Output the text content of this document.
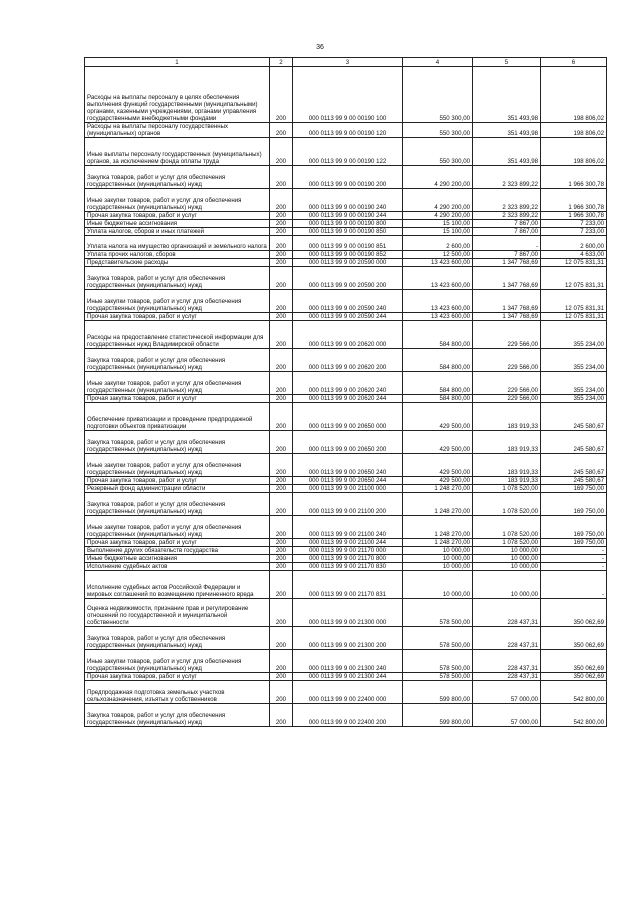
36
1	2	3	4	5	6
Расходы на выплаты персоналу в целях обеспечения выполнения функций государственными (муниципальными) органами, казенными учреждениями, органами управления государственными внебюджетными фондами	200	000 0113 99 9 00 00190 100	550 300,00	351 493,98	198 806,02
Расходы на выплаты персоналу государственных (муниципальных) органов	200	000 0113 99 9 00 00190 120	550 300,00	351 493,98	198 806,02
Иные выплаты персоналу государственных (муниципальных) органов, за исключением фонда оплаты труда	200	000 0113 99 9 00 00190 122	550 300,00	351 493,98	198 806,02
Закупка товаров, работ и услуг для обеспечения государственных (муниципальных) нужд	200	000 0113 99 9 00 00190 200	4 290 200,00	2 323 899,22	1 966 300,78
Иные закупки товаров, работ и услуг для обеспечения государственных (муниципальных) нужд	200	000 0113 99 9 00 00190 240	4 290 200,00	2 323 899,22	1 966 300,78
Прочая закупка товаров, работ и услуг	200	000 0113 99 9 00 00190 244	4 290 200,00	2 323 899,22	1 966 300,78
Иные бюджетные ассигнования	200	000 0113 99 9 00 00190 800	15 100,00	7 867,00	7 233,00
Уплата налогов, сборов и иных платежей	200	000 0113 99 9 00 00190 850	15 100,00	7 867,00	7 233,00
Уплата налога на имущество организаций и земельного налога	200	000 0113 99 9 00 00190 851	2 600,00	-	2 600,00
Уплата прочих налогов, сборов	200	000 0113 99 9 00 00190 852	12 500,00	7 867,00	4 633,00
Представительские расходы	200	000 0113 99 9 00 20590 000	13 423 600,00	1 347 768,69	12 075 831,31
Закупка товаров, работ и услуг для обеспечения государственных (муниципальных) нужд	200	000 0113 99 9 00 20590 200	13 423 600,00	1 347 768,69	12 075 831,31
Иные закупки товаров, работ и услуг для обеспечения государственных (муниципальных) нужд	200	000 0113 99 9 00 20590 240	13 423 600,00	1 347 768,69	12 075 831,31
Прочая закупка товаров, работ и услуг	200	000 0113 99 9 00 20590 244	13 423 600,00	1 347 768,69	12 075 831,31
Расходы на предоставление статистической информации для государственных нужд Владимирской области	200	000 0113 99 9 00 20620 000	584 800,00	229 566,00	355 234,00
Закупка товаров, работ и услуг для обеспечения государственных (муниципальных) нужд	200	000 0113 99 9 00 20620 200	584 800,00	229 566,00	355 234,00
Иные закупки товаров, работ и услуг для обеспечения государственных (муниципальных) нужд	200	000 0113 99 9 00 20620 240	584 800,00	229 566,00	355 234,00
Прочая закупка товаров, работ и услуг	200	000 0113 99 9 00 20620 244	584 800,00	229 566,00	355 234,00
Обеспечение приватизации и проведение предпродажной подготовки объектов приватизации	200	000 0113 99 9 00 20650 000	429 500,00	183 919,33	245 580,67
Закупка товаров, работ и услуг для обеспечения государственных (муниципальных) нужд	200	000 0113 99 9 00 20650 200	429 500,00	183 919,33	245 580,67
Иные закупки товаров, работ и услуг для обеспечения государственных (муниципальных) нужд	200	000 0113 99 9 00 20650 240	429 500,00	183 919,33	245 580,67
Прочая закупка товаров, работ и услуг	200	000 0113 99 9 00 20650 244	429 500,00	183 919,33	245 580,67
Резервный фонд администрации области	200	000 0113 99 9 00 21100 000	1 248 270,00	1 078 520,00	169 750,00
Закупка товаров, работ и услуг для обеспечения государственных (муниципальных) нужд	200	000 0113 99 9 00 21100 200	1 248 270,00	1 078 520,00	169 750,00
Иные закупки товаров, работ и услуг для обеспечения государственных (муниципальных) нужд	200	000 0113 99 9 00 21100 240	1 248 270,00	1 078 520,00	169 750,00
Прочая закупка товаров, работ и услуг	200	000 0113 99 9 00 21100 244	1 248 270,00	1 078 520,00	169 750,00
Выполнение других обязательств государства	200	000 0113 99 9 00 21170 000	10 000,00	10 000,00	-
Иные бюджетные ассигнования	200	000 0113 99 9 00 21170 800	10 000,00	10 000,00	-
Исполнение судебных актов	200	000 0113 99 9 00 21170 830	10 000,00	10 000,00	-
Исполнение судебных актов Российской Федерации и мировых соглашений по возмещению причиненного вреда	200	000 0113 99 9 00 21170 831	10 000,00	10 000,00	-
Оценка недвижимости, признание прав и регулирование отношений по государственной и муниципальной собственности	200	000 0113 99 9 00 21300 000	578 500,00	228 437,31	350 062,69
Закупка товаров, работ и услуг для обеспечения государственных (муниципальных) нужд	200	000 0113 99 9 00 21300 200	578 500,00	228 437,31	350 062,69
Иные закупки товаров, работ и услуг для обеспечения государственных (муниципальных) нужд	200	000 0113 99 9 00 21300 240	578 500,00	228 437,31	350 062,69
Прочая закупка товаров, работ и услуг	200	000 0113 99 9 00 21300 244	578 500,00	228 437,31	350 062,69
Предпродажная подготовка земельных участков сельхозназначения, изъятых у собственников	200	000 0113 99 9 00 22400 000	599 800,00	57 000,00	542 800,00
Закупка товаров, работ и услуг для обеспечения государственных (муниципальных) нужд	200	000 0113 99 9 00 22400 200	599 800,00	57 000,00	542 800,00
